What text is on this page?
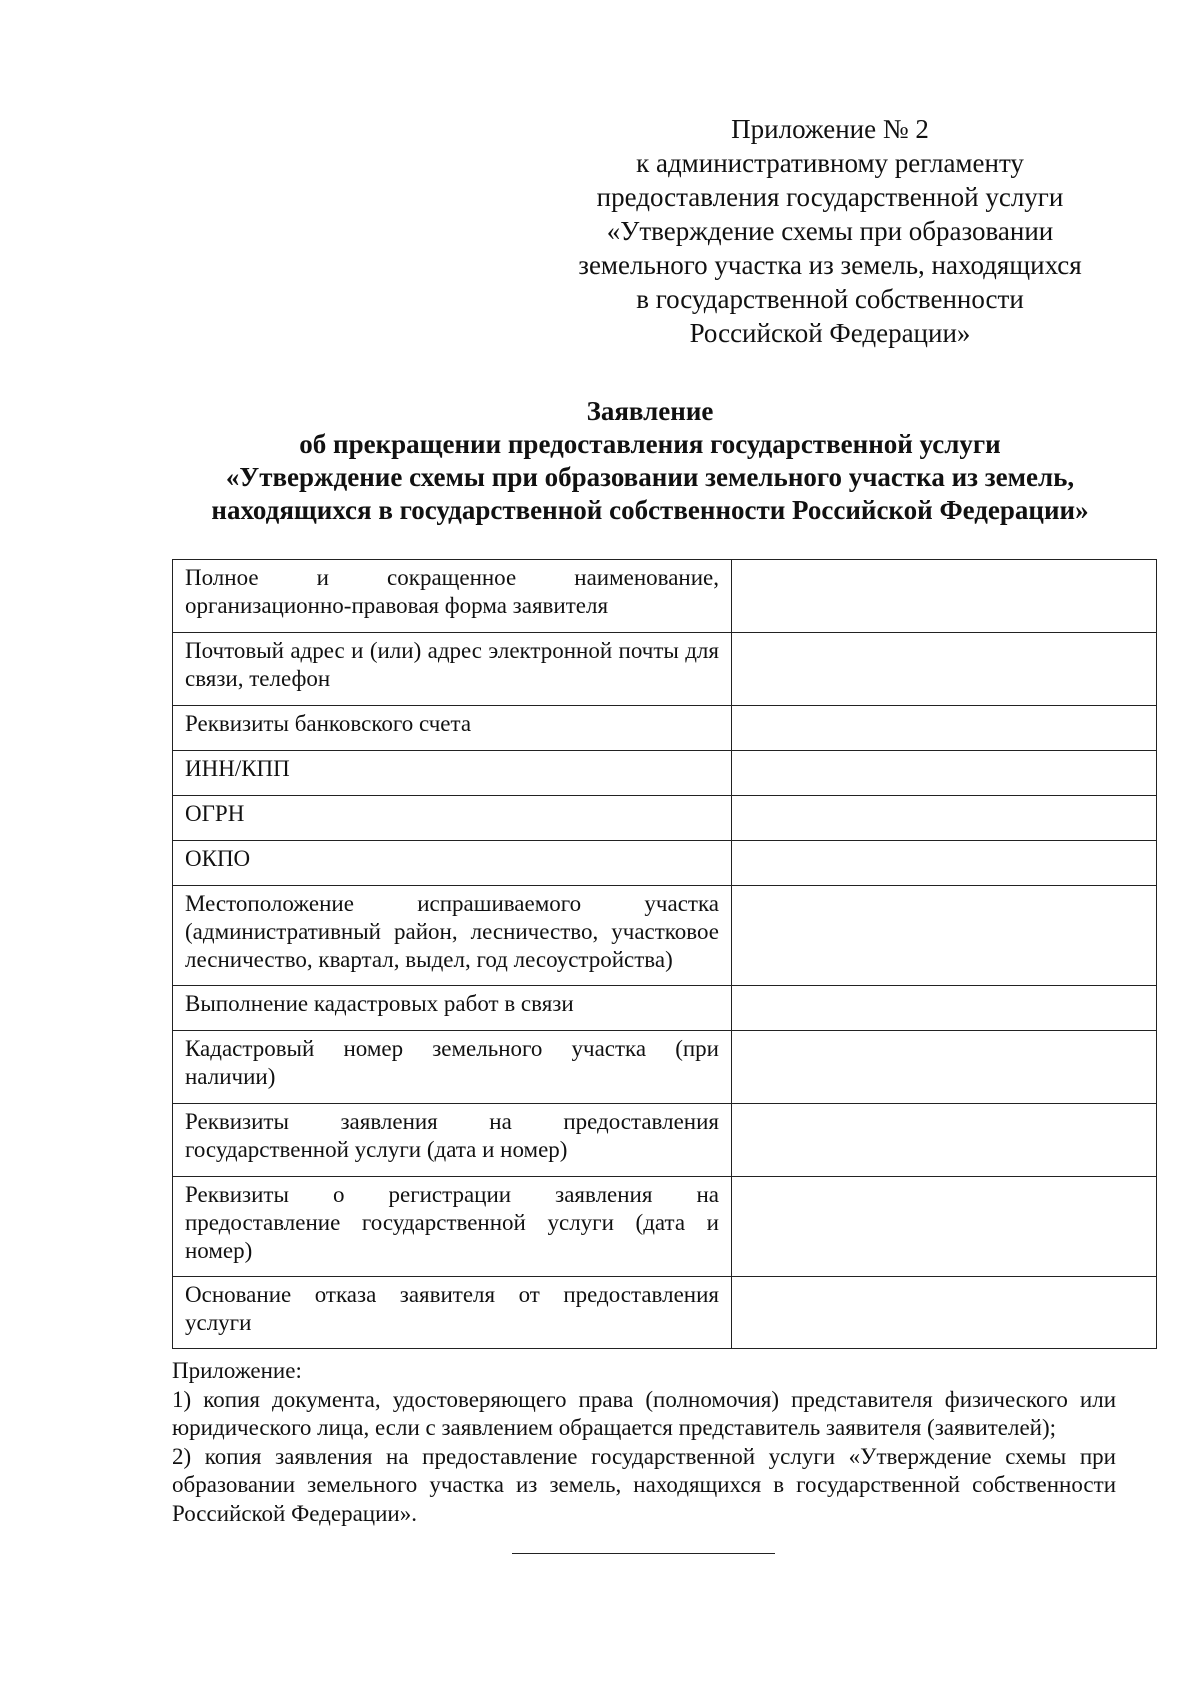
Приложение № 2
к административному регламенту
предоставления государственной услуги
«Утверждение схемы при образовании
земельного участка из земель, находящихся
в государственной собственности
Российской Федерации»
Заявление
об прекращении предоставления государственной услуги
«Утверждение схемы при образовании земельного участка из земель,
находящихся в государственной собственности Российской Федерации»
Полное и сокращенное наименование, организационно-правовая форма заявителя	
Почтовый адрес и (или) адрес электронной почты для связи, телефон	
Реквизиты банковского счета	
ИНН/КПП	
ОГРН	
ОКПО	
Местоположение испрашиваемого участка (административный район, лесничество, участковое лесничество, квартал, выдел, год лесоустройства)	
Выполнение кадастровых работ в связи	
Кадастровый номер земельного участка (при наличии)	
Реквизиты заявления на предоставления государственной услуги (дата и номер)	
Реквизиты о регистрации заявления на предоставление государственной услуги (дата и номер)	
Основание отказа заявителя от предоставления услуги	
Приложение:
1) копия документа, удостоверяющего права (полномочия) представителя физического или юридического лица, если с заявлением обращается представитель заявителя (заявителей);
2) копия заявления на предоставление государственной услуги «Утверждение схемы при образовании земельного участка из земель, находящихся в государственной собственности Российской Федерации».
